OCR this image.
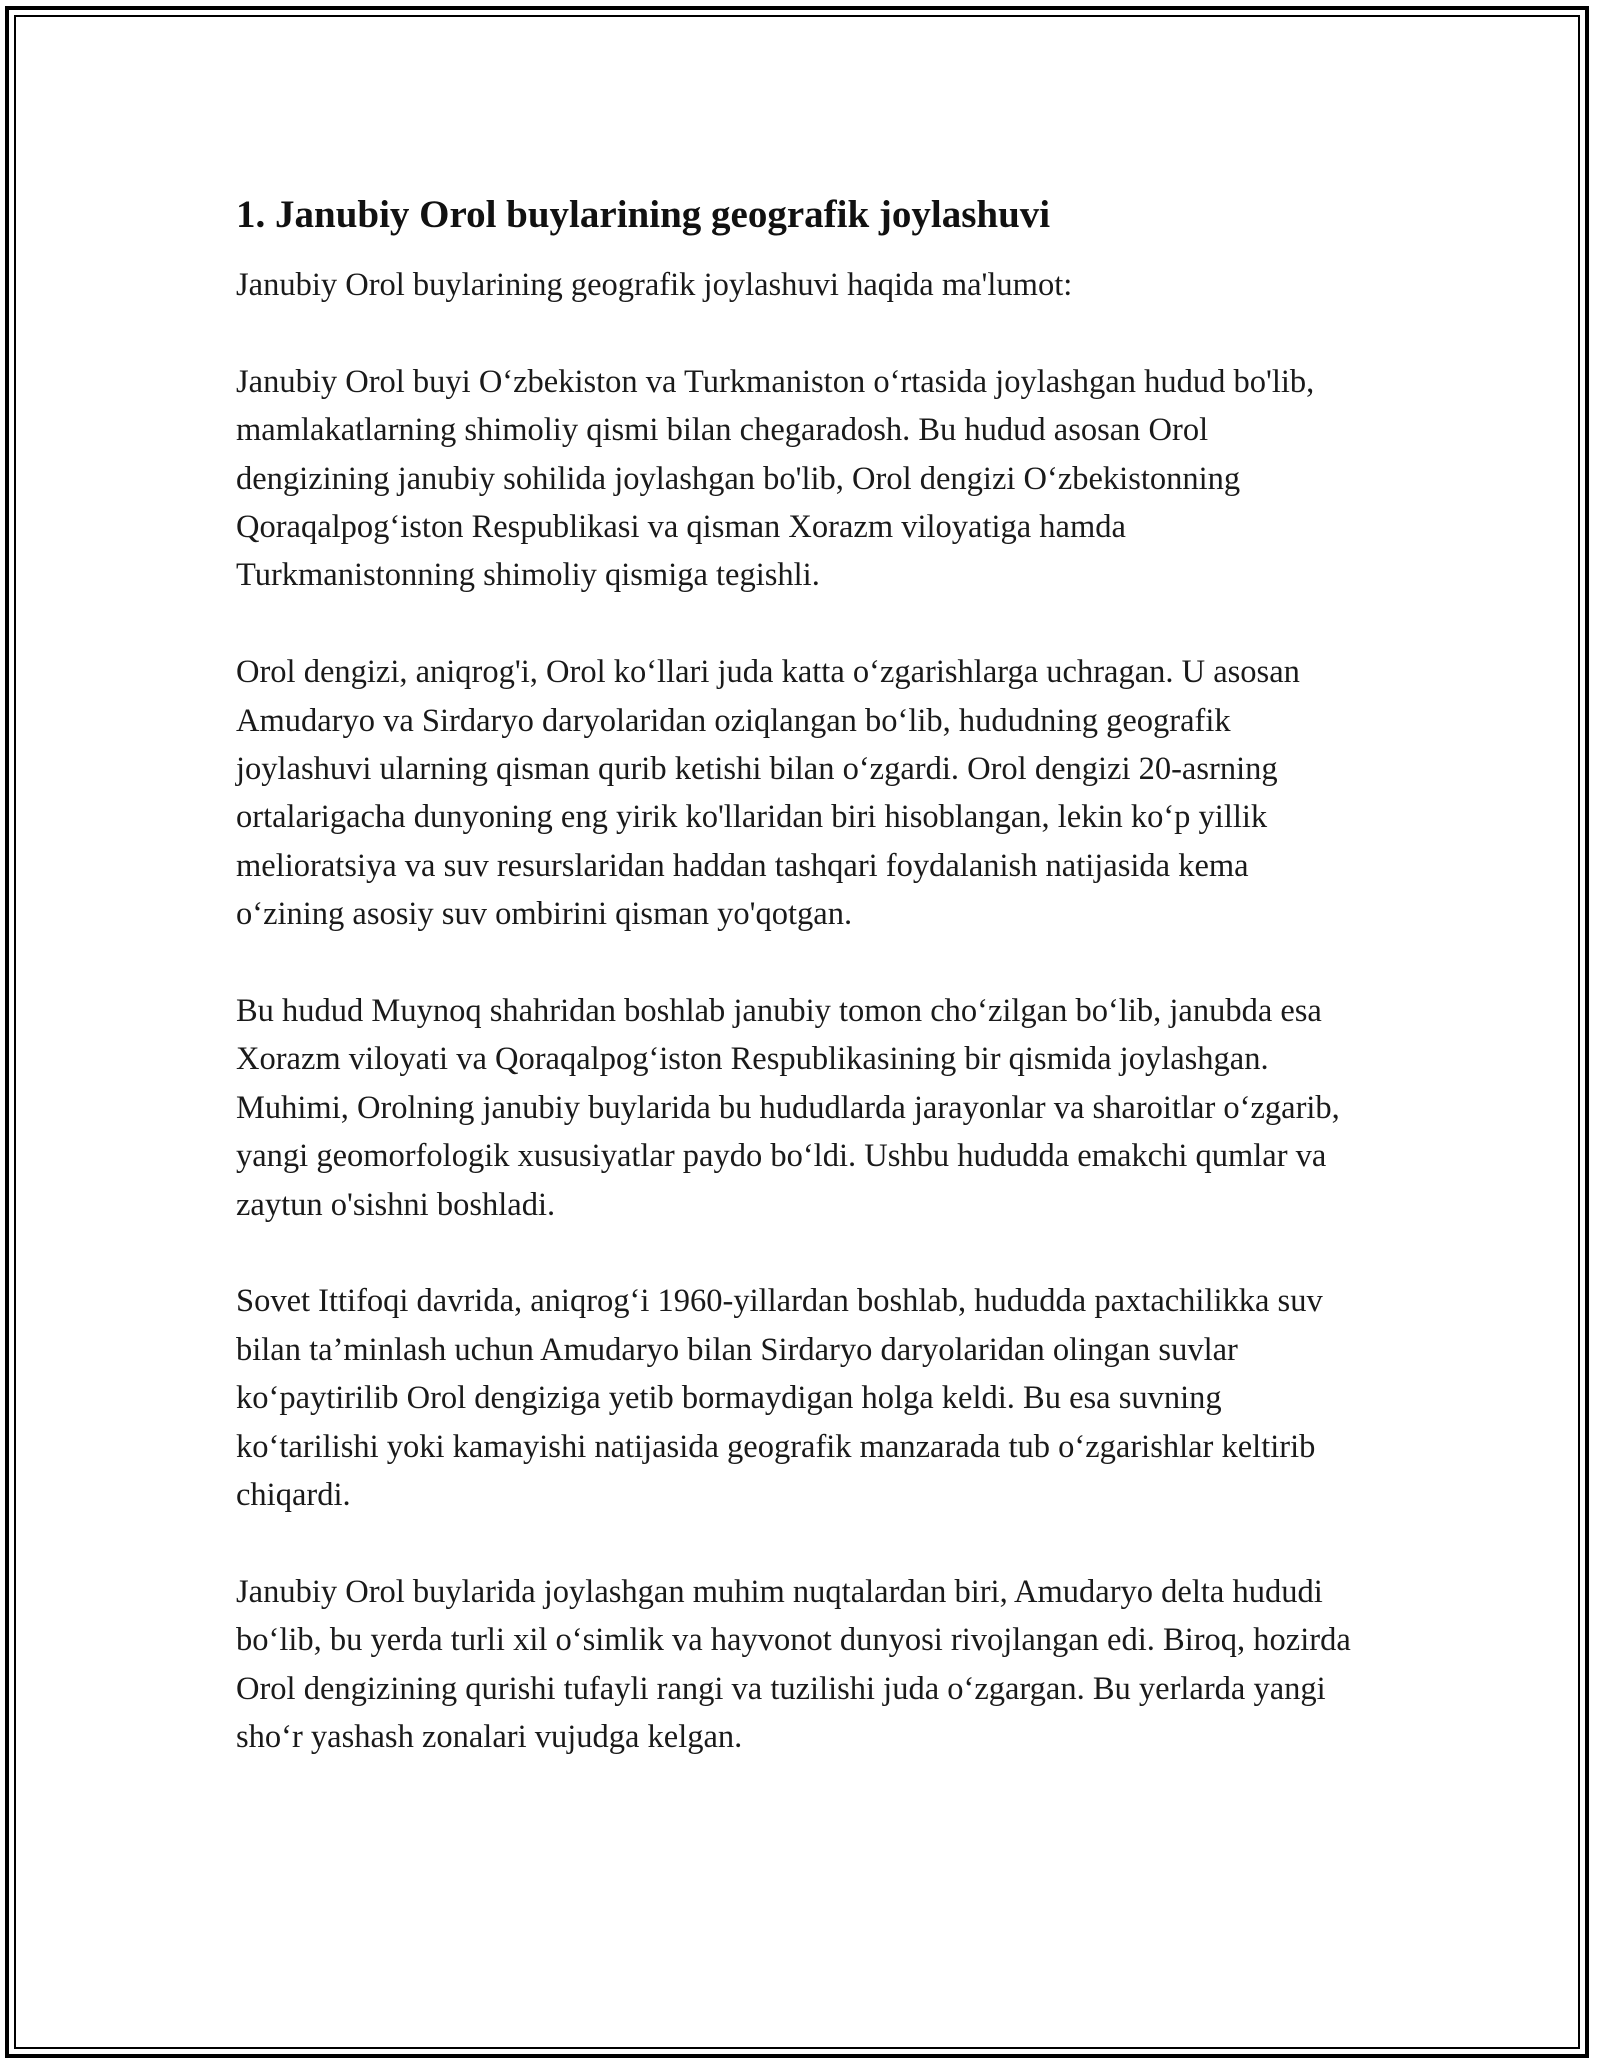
1. Janubiy Orol buylarining geografik joylashuvi

Janubiy Orol buylarining geografik joylashuvi haqida ma'lumot:

Janubiy Orol buyi O‘zbekiston va Turkmaniston o‘rtasida joylashgan hudud bo'lib, mamlakatlarning shimoliy qismi bilan chegaradosh. Bu hudud asosan Orol dengizining janubiy sohilida joylashgan bo'lib, Orol dengizi O‘zbekistonning Qoraqalpog‘iston Respublikasi va qisman Xorazm viloyatiga hamda Turkmanistonning shimoliy qismiga tegishli.

Orol dengizi, aniqrog'i, Orol ko‘llari juda katta o‘zgarishlarga uchragan. U asosan Amudaryo va Sirdaryo daryolaridan oziqlangan bo‘lib, hududning geografik joylashuvi ularning qisman qurib ketishi bilan o‘zgardi. Orol dengizi 20-asrning ortalarigacha dunyoning eng yirik ko'llaridan biri hisoblangan, lekin ko‘p yillik melioratsiya va suv resurslaridan haddan tashqari foydalanish natijasida kema o‘zining asosiy suv ombirini qisman yo'qotgan.

Bu hudud Muynoq shahridan boshlab janubiy tomon cho‘zilgan bo‘lib, janubda esa Xorazm viloyati va Qoraqalpog‘iston Respublikasining bir qismida joylashgan. Muhimi, Orolning janubiy buylarida bu hududlarda jarayonlar va sharoitlar o‘zgarib, yangi geomorfologik xususiyatlar paydo bo‘ldi. Ushbu hududda emakchi qumlar va zaytun o'sishni boshladi.

Sovet Ittifoqi davrida, aniqrog‘i 1960-yillardan boshlab, hududda paxtachilikka suv bilan ta’minlash uchun Amudaryo bilan Sirdaryo daryolaridan olingan suvlar ko‘paytirilib Orol dengiziga yetib bormaydigan holga keldi. Bu esa suvning ko‘tarilishi yoki kamayishi natijasida geografik manzarada tub o‘zgarishlar keltirib chiqardi.

Janubiy Orol buylarida joylashgan muhim nuqtalardan biri, Amudaryo delta hududi bo‘lib, bu yerda turli xil o‘simlik va hayvonot dunyosi rivojlangan edi. Biroq, hozirda Orol dengizining qurishi tufayli rangi va tuzilishi juda o‘zgargan. Bu yerlarda yangi sho‘r yashash zonalari vujudga kelgan.
